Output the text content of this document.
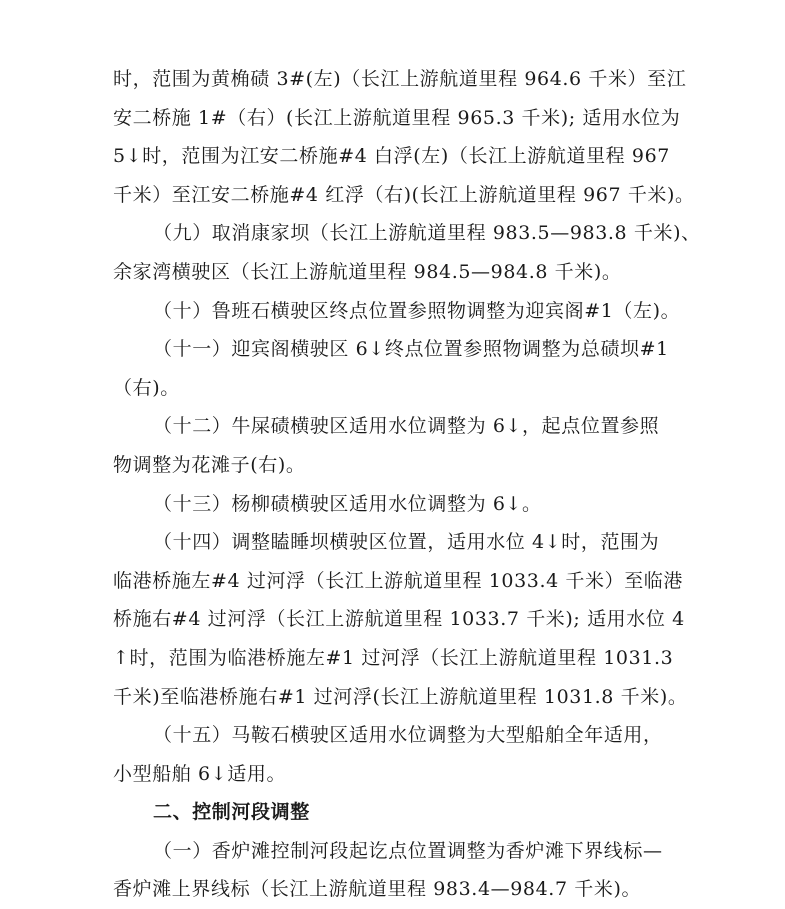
时，范围为黄桷碛 3#(左)（长江上游航道里程 964.6 千米）至江
安二桥施 1#（右）(长江上游航道里程 965.3 千米); 适用水位为
5↓时，范围为江安二桥施#4 白浮(左)（长江上游航道里程 967
千米）至江安二桥施#4 红浮（右)(长江上游航道里程 967 千米)。
（九）取消康家坝（长江上游航道里程 983.5—983.8 千米)、
余家湾横驶区（长江上游航道里程 984.5—984.8 千米)。
（十）鲁班石横驶区终点位置参照物调整为迎宾阁#1（左)。
（十一）迎宾阁横驶区 6↓终点位置参照物调整为总碛坝#1
（右)。
（十二）牛屎碛横驶区适用水位调整为 6↓，起点位置参照
物调整为花滩子(右)。
（十三）杨柳碛横驶区适用水位调整为 6↓。
（十四）调整瞌睡坝横驶区位置，适用水位 4↓时，范围为
临港桥施左#4 过河浮（长江上游航道里程 1033.4 千米）至临港
桥施右#4 过河浮（长江上游航道里程 1033.7 千米); 适用水位 4
↑时，范围为临港桥施左#1 过河浮（长江上游航道里程 1031.3
千米)至临港桥施右#1 过河浮(长江上游航道里程 1031.8 千米)。
（十五）马鞍石横驶区适用水位调整为大型船舶全年适用，
小型船舶 6↓适用。
二、控制河段调整
（一）香炉滩控制河段起讫点位置调整为香炉滩下界线标—
香炉滩上界线标（长江上游航道里程 983.4—984.7 千米)。
